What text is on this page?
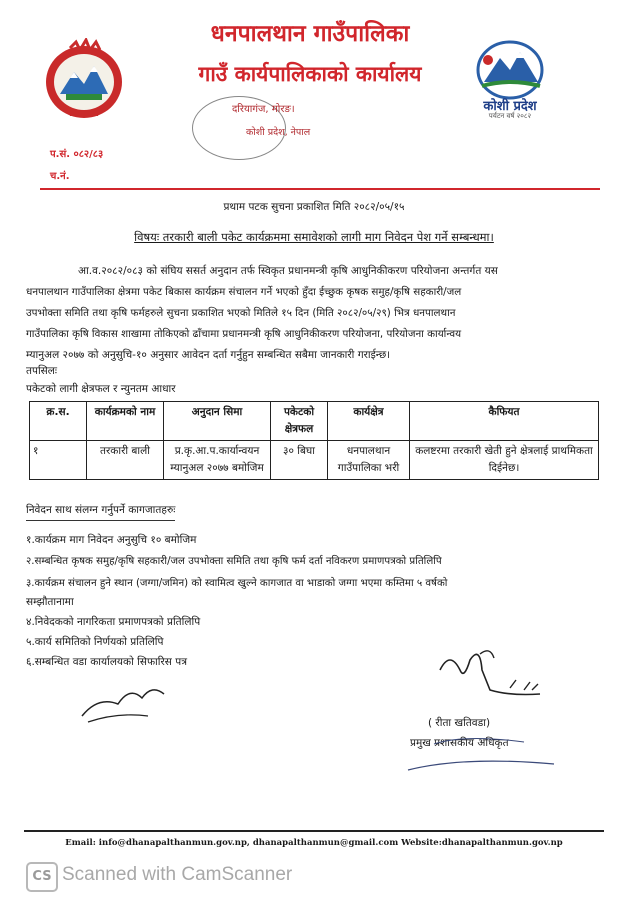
धनपालथान गाउँपालिका
गाउँ कार्यपालिकाको कार्यालय
कोशी प्रदेश
पर्यटन वर्ष २०८२
दरियागंज, मोरङ।
कोशी प्रदेश, नेपाल
प.सं. ०८२/८३
च.नं.
प्रथाम पटक सुचना प्रकाशित मिति २०८२/०५/१५
विषयः तरकारी बाली पकेट कार्यक्रममा समावेशको लागी माग निवेदन पेश गर्ने सम्बन्धमा।
आ.व.२०८२/०८३ को संघिय ससर्त अनुदान तर्फ स्विकृत प्रधानमन्त्री कृषि आधुनिकीकरण परियोजना अन्तर्गत यस
धनपालथान गाउँपालिका क्षेत्रमा पकेट बिकास कार्यक्रम संचालन गर्ने भएको हुँदा ईच्छुक कृषक समुह/कृषि सहकारी/जल
उपभोक्ता समिति तथा कृषि फर्महरुले सुचना प्रकाशित भएको मितिले १५ दिन (मिति २०८२/०५/२९) भित्र धनपालथान
गाउँपालिका कृषि विकास शाखामा तोकिएको ढाँचामा प्रधानमन्त्री कृषि आधुनिकीकरण परियोजना, परियोजना कार्यान्वय
म्यानुअल २०७७ को अनुसुचि-१० अनुसार आवेदन दर्ता गर्नुहुन सम्बन्धित सबैमा जानकारी गराईन्छ।
तपसिलः
पकेटको लागी क्षेत्रफल र न्युनतम आधार
क्र.स.	कार्यक्रमको नाम	अनुदान सिमा	पकेटको क्षेत्रफल	कार्यक्षेत्र	कैफियत
१	तरकारी बाली	प्र.कृ.आ.प.कार्यान्वयन म्यानुअल २०७७ बमोजिम	३० बिघा	धनपालथान गाउँपालिका भरी	कलष्टरमा तरकारी खेती हुने क्षेत्रलाई प्राथमिकता दिईनेछ।
निवेदन साथ संलग्न गर्नुपर्ने कागजातहरुः
१.कार्यक्रम माग निवेदन अनुसुचि १० बमोजिम
२.सम्बन्धित कृषक समुह/कृषि सहकारी/जल उपभोक्ता समिति तथा कृषि फर्म दर्ता नविकरण प्रमाणपत्रको प्रतिलिपि
३.कार्यक्रम संचालन हुने स्थान (जग्गा/जमिन) को स्वामित्व खुल्ने कागजात वा भाडाको जग्गा भएमा कम्तिमा ५ वर्षको
सम्झौतानामा
४.निवेदकको नागरिकता प्रमाणपत्रको प्रतिलिपि
५.कार्य समितिको निर्णयको प्रतिलिपि
६.सम्बन्धित वडा कार्यालयको सिफारिस पत्र
( रीता खतिवडा)
प्रमुख प्रशासकीय अधिकृत
Email: info@dhanapalthanmun.gov.np, dhanapalthanmun@gmail.com Website:dhanapalthanmun.gov.np
CS Scanned with CamScanner
